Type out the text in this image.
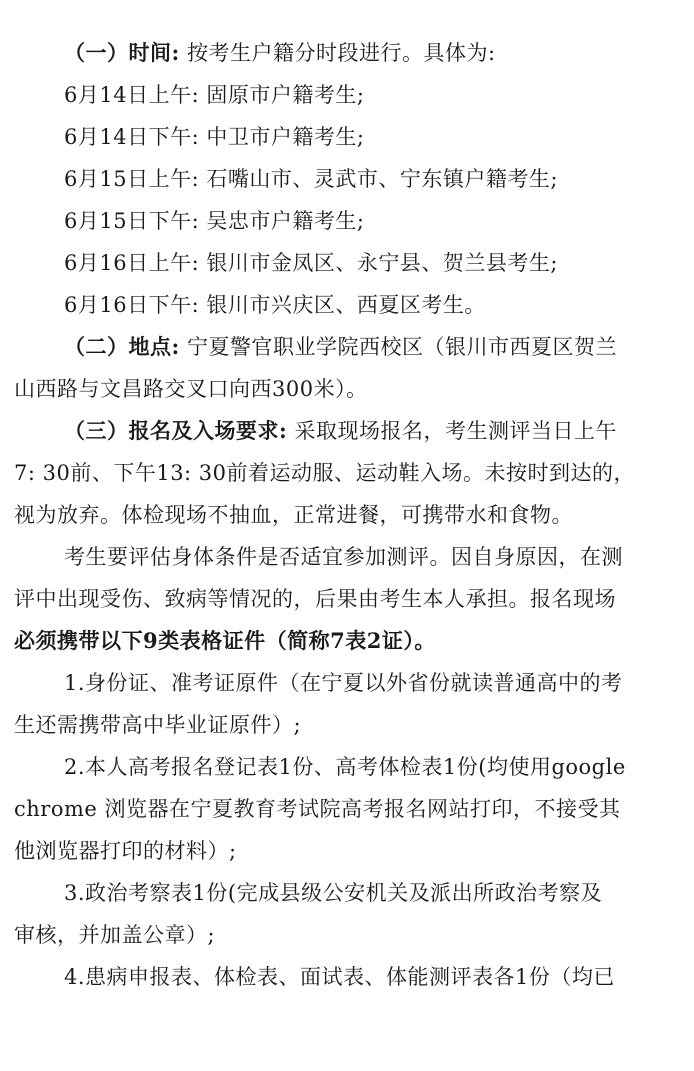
（一）时间: 按考生户籍分时段进行。具体为:
6月14日上午: 固原市户籍考生;
6月14日下午: 中卫市户籍考生;
6月15日上午: 石嘴山市、灵武市、宁东镇户籍考生;
6月15日下午: 吴忠市户籍考生;
6月16日上午: 银川市金凤区、永宁县、贺兰县考生;
6月16日下午: 银川市兴庆区、西夏区考生。
（二）地点: 宁夏警官职业学院西校区（银川市西夏区贺兰
山西路与文昌路交叉口向西300米）。
（三）报名及入场要求: 采取现场报名，考生测评当日上午
7: 30前、下午13: 30前着运动服、运动鞋入场。未按时到达的，
视为放弃。体检现场不抽血，正常进餐，可携带水和食物。
考生要评估身体条件是否适宜参加测评。因自身原因，在测
评中出现受伤、致病等情况的，后果由考生本人承担。报名现场
必须携带以下9类表格证件（简称7表2证）。
1.身份证、准考证原件（在宁夏以外省份就读普通高中的考
生还需携带高中毕业证原件）;
2.本人高考报名登记表1份、高考体检表1份(均使用google
chrome 浏览器在宁夏教育考试院高考报名网站打印，不接受其
他浏览器打印的材料）;
3.政治考察表1份(完成县级公安机关及派出所政治考察及
审核，并加盖公章）;
4.患病申报表、体检表、面试表、体能测评表各1份（均已
